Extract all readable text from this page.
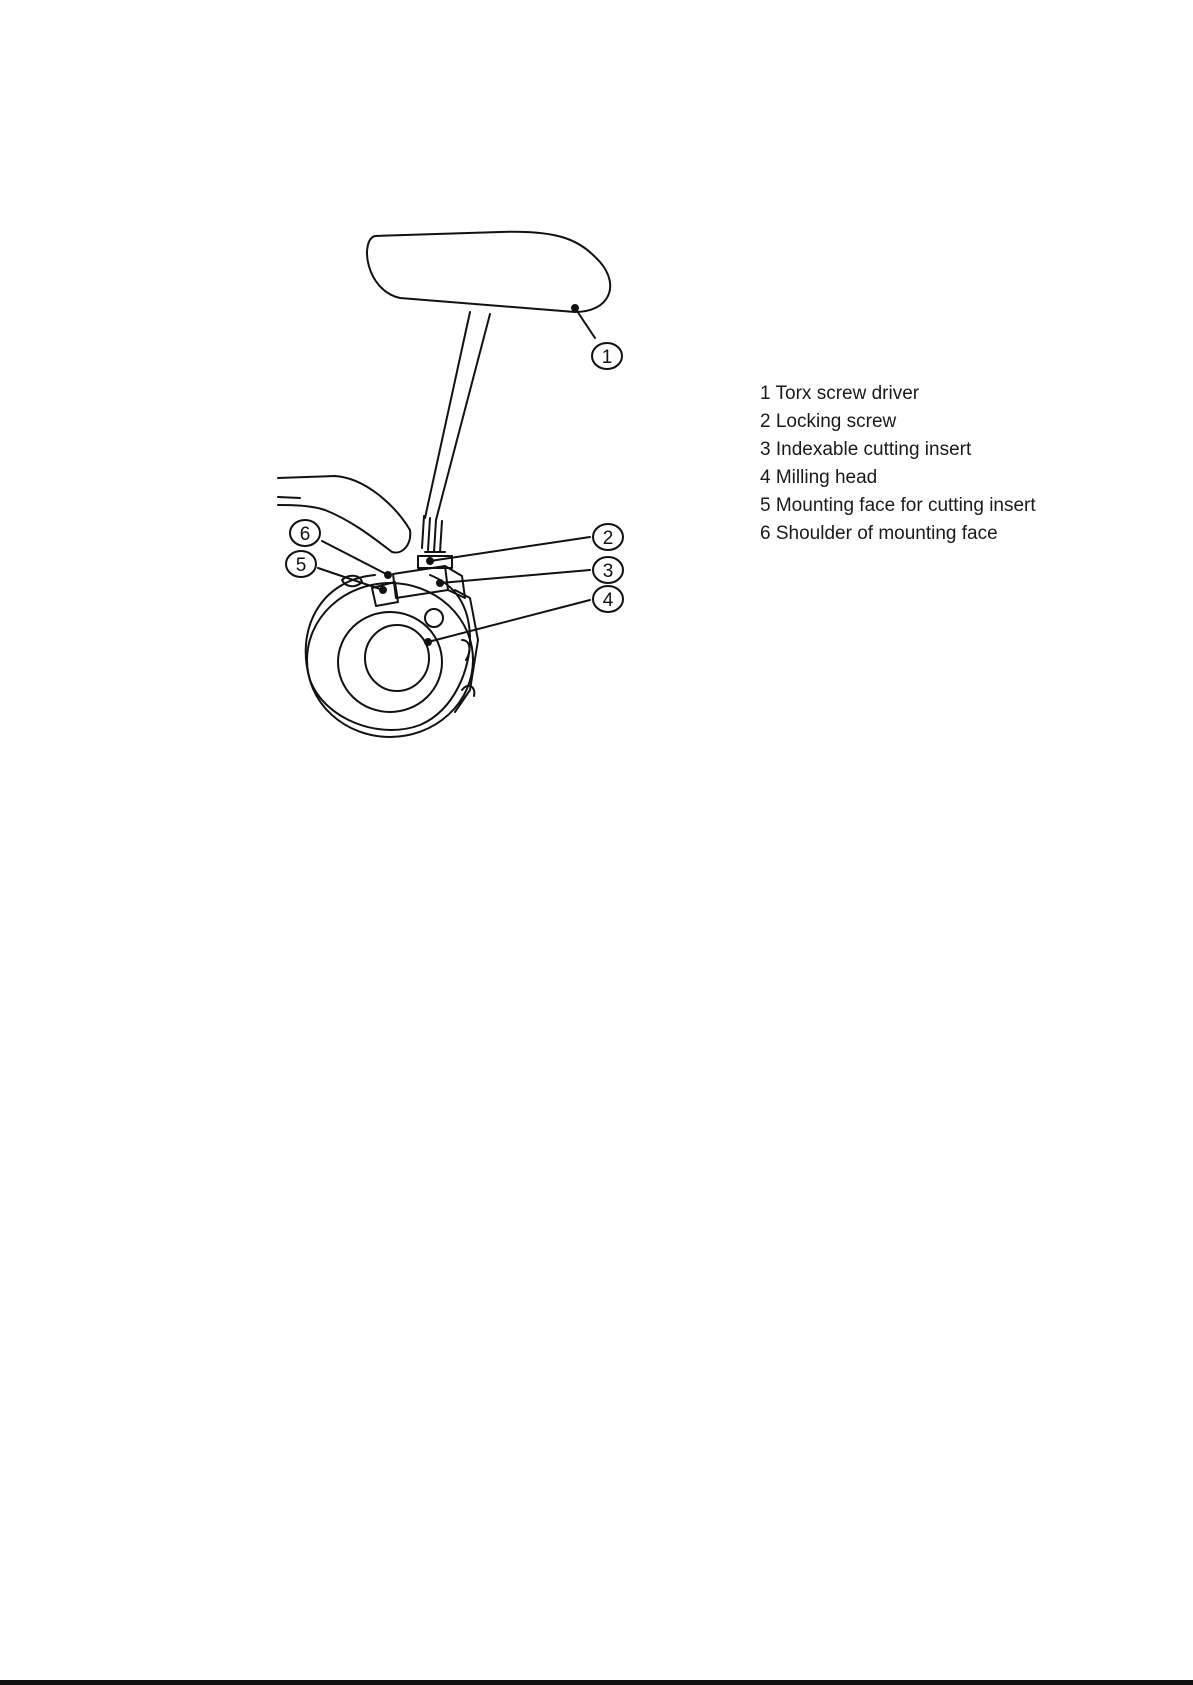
1
2
3
4
5
6
1 Torx screw driver
2 Locking screw
3 Indexable cutting insert
4 Milling head
5 Mounting face for cutting insert
6 Shoulder of mounting face
